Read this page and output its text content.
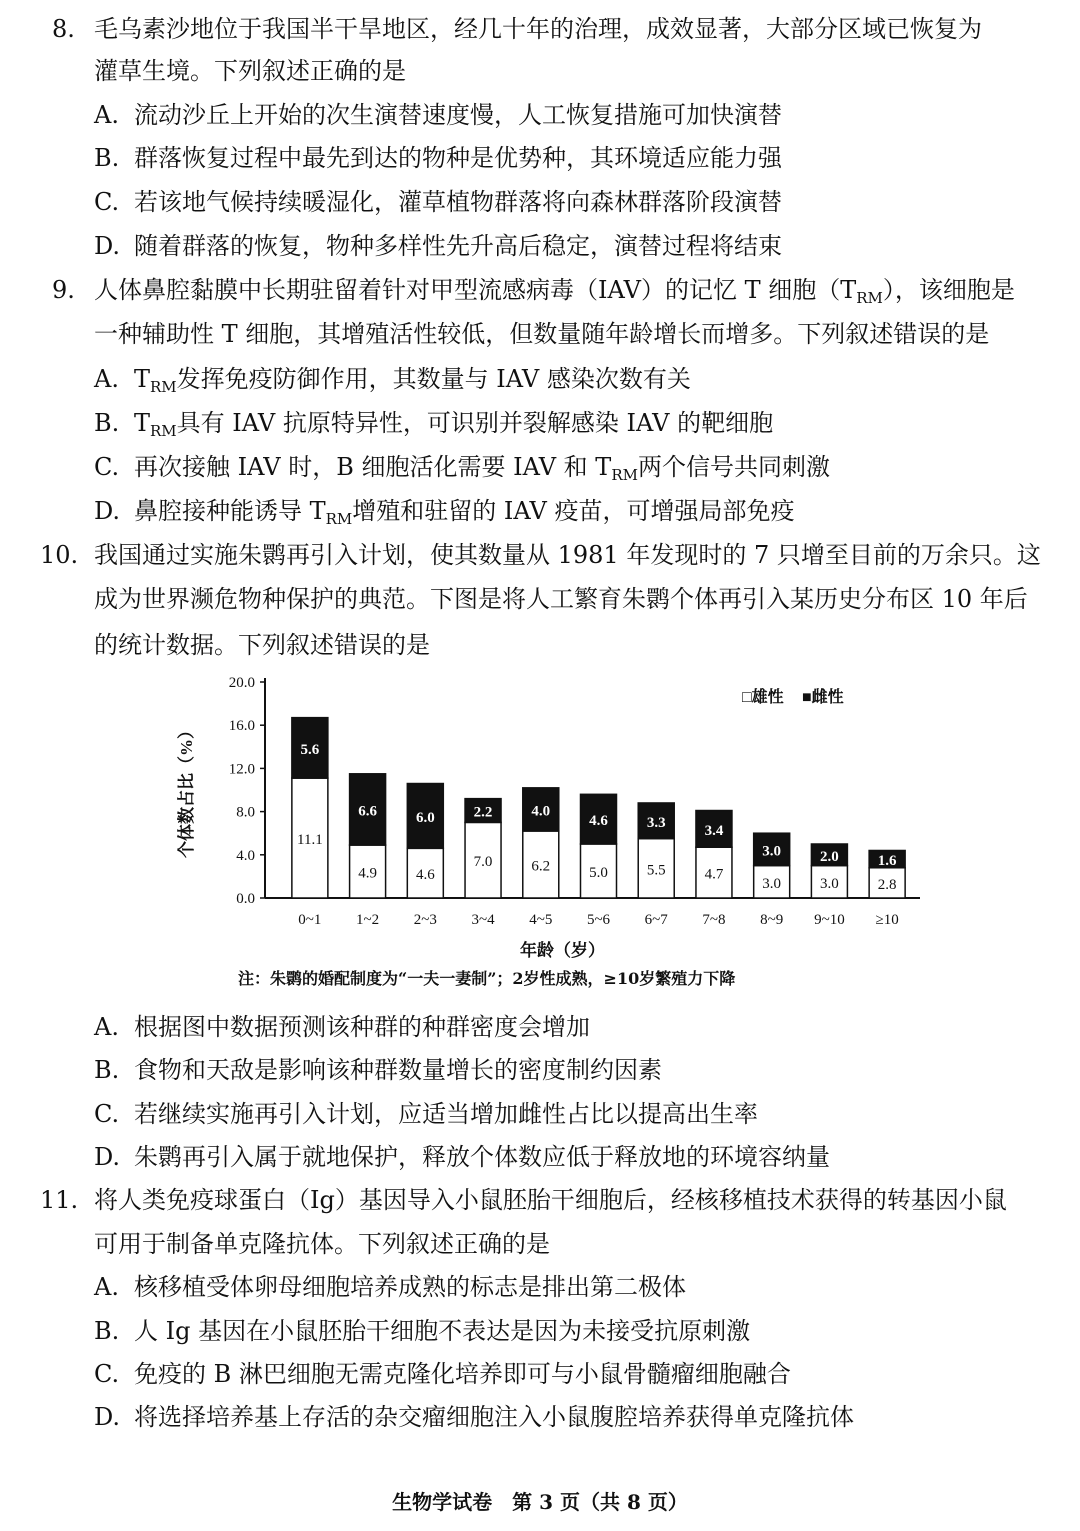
8. 毛乌素沙地位于我国半干旱地区，经几十年的治理，成效显著，大部分区域已恢复为
灌草生境。下列叙述正确的是
A. 流动沙丘上开始的次生演替速度慢，人工恢复措施可加快演替
B. 群落恢复过程中最先到达的物种是优势种，其环境适应能力强
C. 若该地气候持续暖湿化，灌草植物群落将向森林群落阶段演替
D. 随着群落的恢复，物种多样性先升高后稳定，演替过程将结束
9. 人体鼻腔黏膜中长期驻留着针对甲型流感病毒（IAV）的记忆 T 细胞$(T_{RM})$，该细胞是
一种辅助性 T 细胞，其增殖活性较低，但数量随年龄增长而增多。下列叙述错误的是
A. $T_{RM}$发挥免疫防御作用，其数量与 IAV 感染次数有关
B. $T_{RM}$具有 IAV 抗原特异性，可识别并裂解感染 IAV 的靶细胞
C. 再次接触 IAV 时，B 细胞活化需要 IAV 和 $T_{RM}$两个信号共同刺激
D. 鼻腔接种能诱导 $T_{RM}$增殖和驻留的 IAV 疫苗，可增强局部免疫
10. 我国通过实施朱鹮再引入计划，使其数量从 1981 年发现时的 7 只增至目前的万余只。这
成为世界濒危物种保护的典范。下图是将人工繁育朱鹮个体再引入某历史分布区 10 年后
的统计数据。下列叙述错误的是
20.0
16.0
12.0
8.0
4.0
0.0
个体数占比（%）	11.1
5.6
0~1
4.9
6.6
1~2
4.6
6.0
2~3
7.0
2.2
3~4
6.2
4.0
4~5
5.0
4.6
5~6
5.5
3.3
6~7
4.7
3.4
7~8
3.0
3.0
8~9
3.0
2.0
9~10
2.8
1.6
≥10
年龄（岁）
□雄性 ■雌性
注：朱鹮的婚配制度为“一夫一妻制”；2岁性成熟，≥10岁繁殖力下降
A. 根据图中数据预测该种群的种群密度会增加
B. 食物和天敌是影响该种群数量增长的密度制约因素
C. 若继续实施再引入计划，应适当增加雌性占比以提高出生率
D. 朱鹮再引入属于就地保护，释放个体数应低于释放地的环境容纳量
11. 将人类免疫球蛋白（Ig）基因导入小鼠胚胎干细胞后，经核移植技术获得的转基因小鼠
可用于制备单克隆抗体。下列叙述正确的是
A. 核移植受体卵母细胞培养成熟的标志是排出第二极体
B. 人 Ig 基因在小鼠胚胎干细胞不表达是因为未接受抗原刺激
C. 免疫的 B 淋巴细胞无需克隆化培养即可与小鼠骨髓瘤细胞融合
D. 将选择培养基上存活的杂交瘤细胞注入小鼠腹腔培养获得单克隆抗体
生物学试卷　第 3 页（共 8 页）
